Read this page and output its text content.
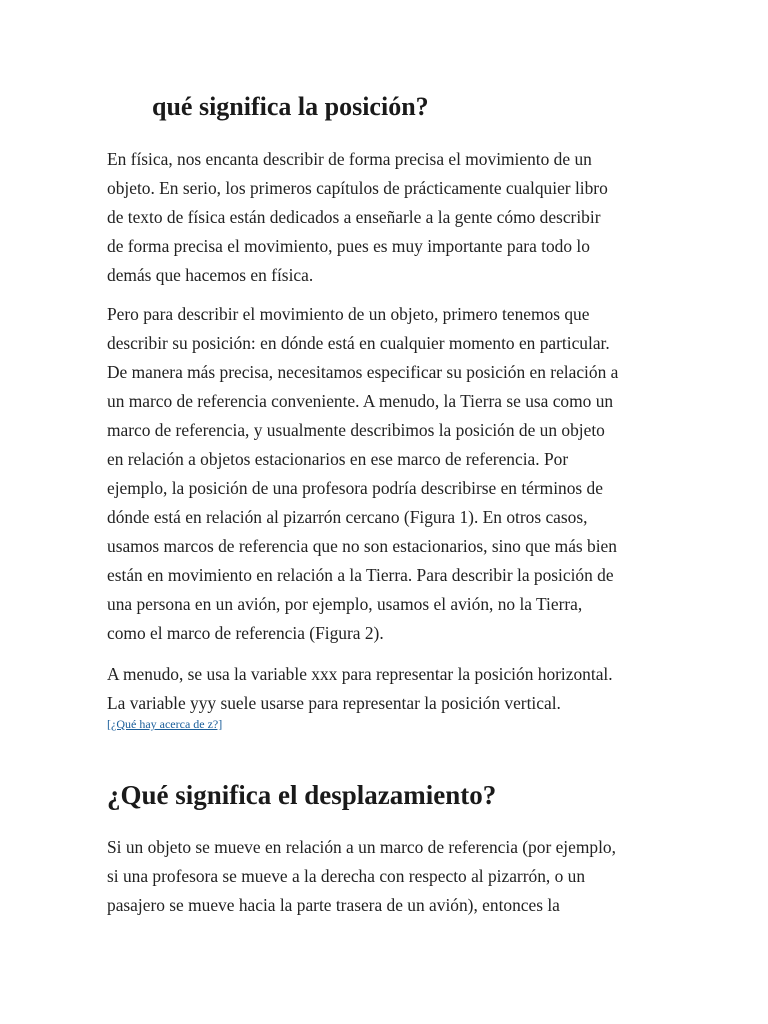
qué significa la posición?

En física, nos encanta describir de forma precisa el movimiento de un
objeto. En serio, los primeros capítulos de prácticamente cualquier libro
de texto de física están dedicados a enseñarle a la gente cómo describir
de forma precisa el movimiento, pues es muy importante para todo lo
demás que hacemos en física.

Pero para describir el movimiento de un objeto, primero tenemos que
describir su posición: en dónde está en cualquier momento en particular.
De manera más precisa, necesitamos especificar su posición en relación a
un marco de referencia conveniente. A menudo, la Tierra se usa como un
marco de referencia, y usualmente describimos la posición de un objeto
en relación a objetos estacionarios en ese marco de referencia. Por
ejemplo, la posición de una profesora podría describirse en términos de
dónde está en relación al pizarrón cercano (Figura 1). En otros casos,
usamos marcos de referencia que no son estacionarios, sino que más bien
están en movimiento en relación a la Tierra. Para describir la posición de
una persona en un avión, por ejemplo, usamos el avión, no la Tierra,
como el marco de referencia (Figura 2).

A menudo, se usa la variable xxx para representar la posición horizontal.
La variable yyy suele usarse para representar la posición vertical.

[¿Qué hay acerca de z?]
¿Qué significa el desplazamiento?

Si un objeto se mueve en relación a un marco de referencia (por ejemplo,
si una profesora se mueve a la derecha con respecto al pizarrón, o un
pasajero se mueve hacia la parte trasera de un avión), entonces la
